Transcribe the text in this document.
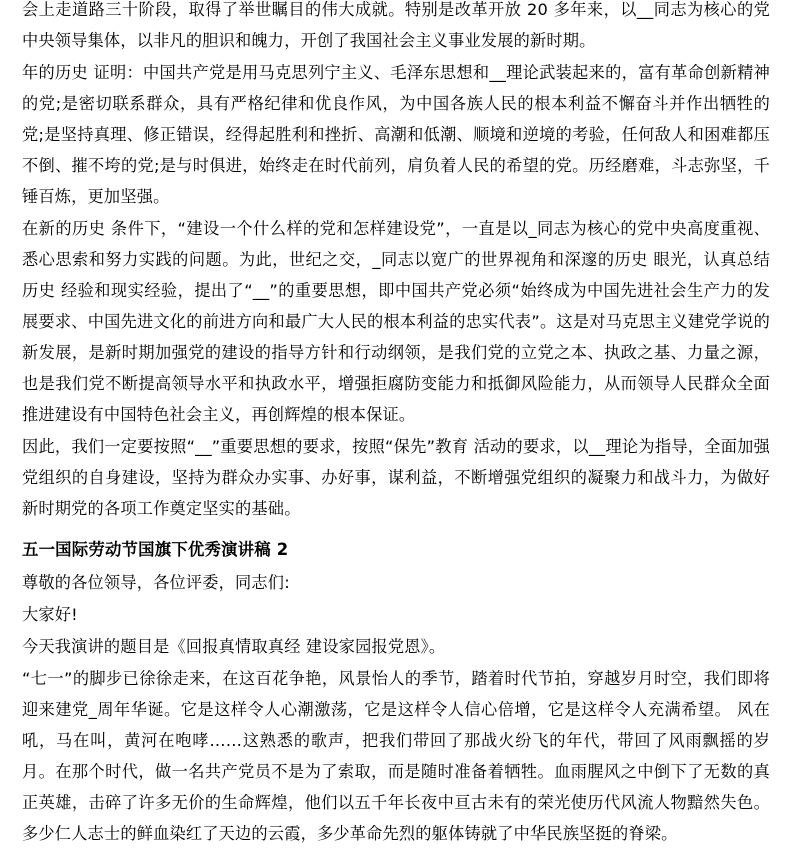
会上走道路三十阶段，取得了举世瞩目的伟大成就。特别是改革开放 20 多年来，以__同志为核心的党中央领导集体，以非凡的胆识和魄力，开创了我国社会主义事业发展的新时期。

年的历史 证明：中国共产党是用马克思列宁主义、毛泽东思想和__理论武装起来的，富有革命创新精神的党;是密切联系群众，具有严格纪律和优良作风，为中国各族人民的根本利益不懈奋斗并作出牺牲的党;是坚持真理、修正错误，经得起胜利和挫折、高潮和低潮、顺境和逆境的考验，任何敌人和困难都压不倒、摧不垮的党;是与时俱进，始终走在时代前列，肩负着人民的希望的党。历经磨难，斗志弥坚，千锤百炼，更加坚强。

在新的历史 条件下，“建设一个什么样的党和怎样建设党”，一直是以_同志为核心的党中央高度重视、悉心思索和努力实践的问题。为此，世纪之交，_同志以宽广的世界视角和深邃的历史 眼光，认真总结历史 经验和现实经验，提出了“__”的重要思想，即中国共产党必须“始终成为中国先进社会生产力的发展要求、中国先进文化的前进方向和最广大人民的根本利益的忠实代表”。这是对马克思主义建党学说的新发展，是新时期加强党的建设的指导方针和行动纲领，是我们党的立党之本、执政之基、力量之源，也是我们党不断提高领导水平和执政水平，增强拒腐防变能力和抵御风险能力，从而领导人民群众全面推进建设有中国特色社会主义，再创辉煌的根本保证。

因此，我们一定要按照“__”重要思想的要求，按照“保先”教育 活动的要求，以__理论为指导，全面加强党组织的自身建设，坚持为群众办实事、办好事，谋利益，不断增强党组织的凝聚力和战斗力，为做好新时期党的各项工作奠定坚实的基础。

五一国际劳动节国旗下优秀演讲稿 2

尊敬的各位领导，各位评委，同志们:

大家好!

今天我演讲的题目是《回报真情取真经 建设家园报党恩》。

“七一”的脚步已徐徐走来，在这百花争艳，风景怡人的季节，踏着时代节拍，穿越岁月时空，我们即将迎来建党_周年华诞。它是这样令人心潮激荡，它是这样令人信心倍增，它是这样令人充满希望。 风在吼，马在叫，黄河在咆哮……这熟悉的歌声，把我们带回了那战火纷飞的年代，带回了风雨飘摇的岁月。在那个时代，做一名共产党员不是为了索取，而是随时准备着牺牲。血雨腥风之中倒下了无数的真正英雄，击碎了许多无价的生命辉煌，他们以五千年长夜中亘古未有的荣光使历代风流人物黯然失色。多少仁人志士的鲜血染红了天边的云霞，多少革命先烈的躯体铸就了中华民族坚挺的脊梁。
